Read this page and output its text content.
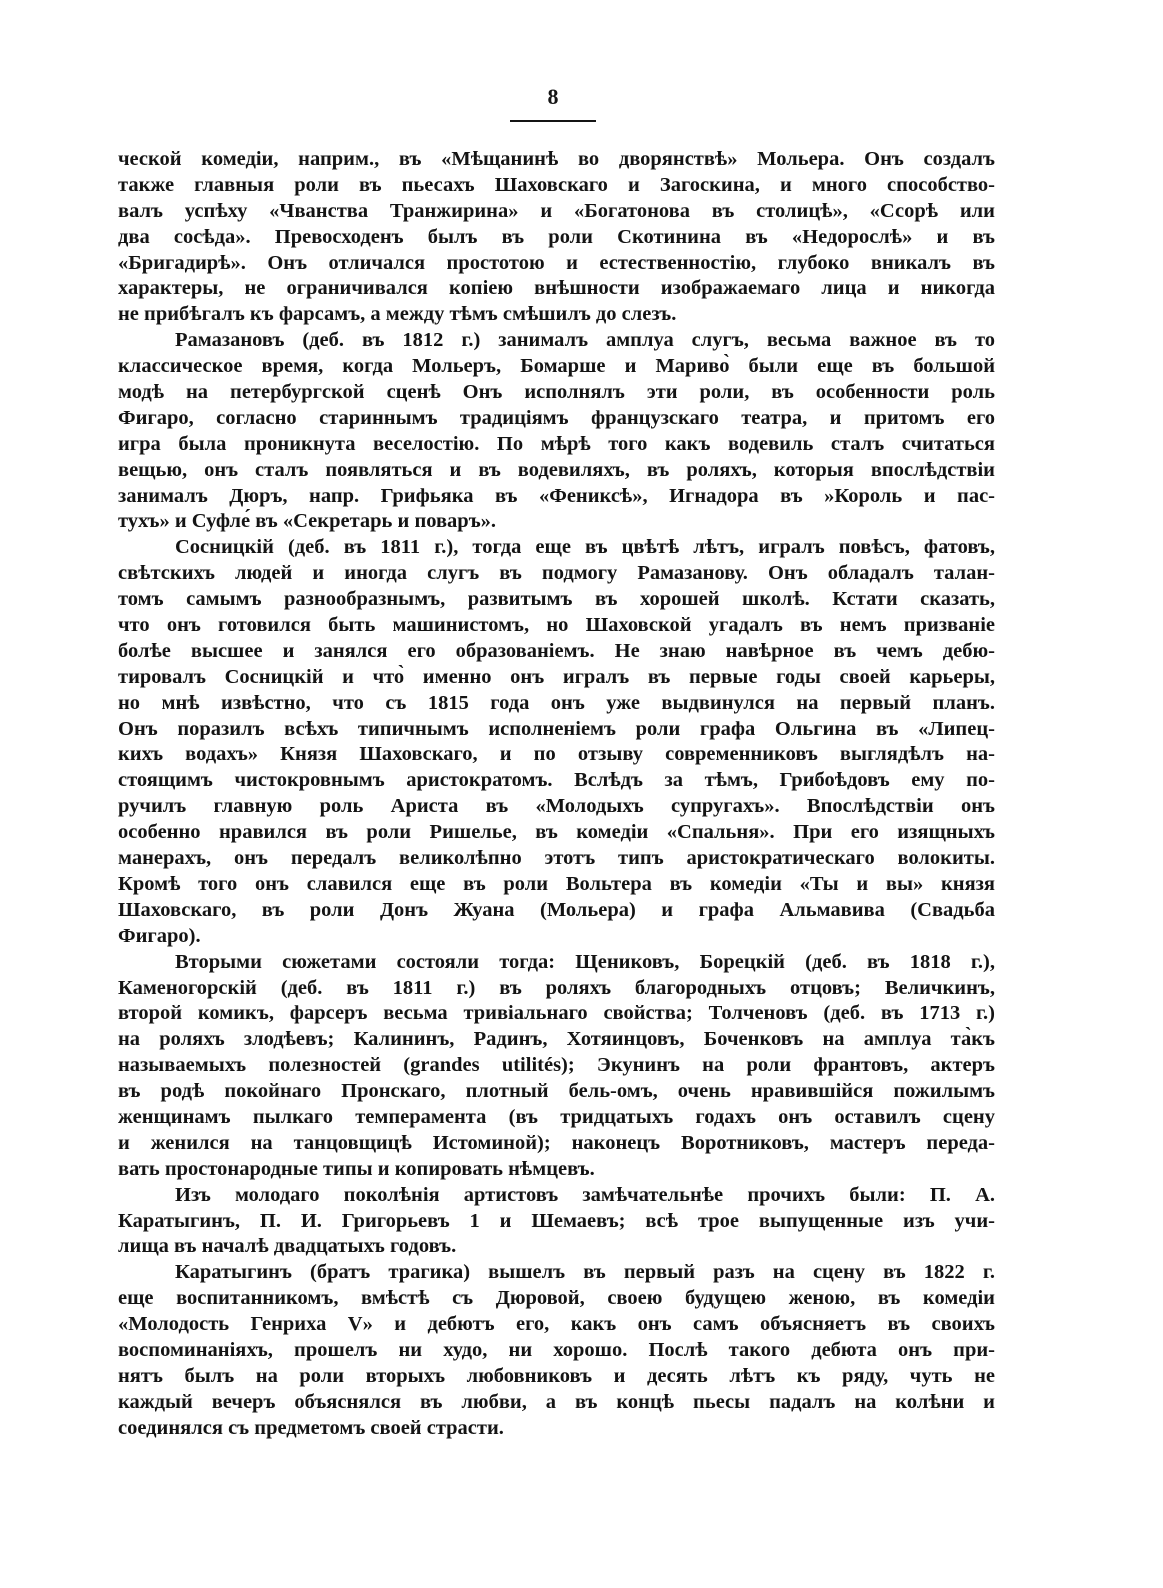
8
ческой комедіи, наприм., въ «Мѣщанинѣ во дворянствѣ» Мольера. Онъ создалъ
также главныя роли въ пьесахъ Шаховскаго и Загоскина, и много способство-
валъ успѣху «Чванства Транжирина» и «Богатонова въ столицѣ», «Ссорѣ или
два сосѣда». Превосходенъ былъ въ роли Скотинина въ «Недорослѣ» и въ
«Бригадирѣ». Онъ отличался простотою и естественностію, глубоко вникалъ въ
характеры, не ограничивался копіею внѣшности изображаемаго лица и никогда
не прибѣгалъ къ фарсамъ, а между тѣмъ смѣшилъ до слезъ.
Рамазановъ (деб. въ 1812 г.) занималъ амплуа слугъ, весьма важное въ то
классическое время, когда Мольеръ, Бомарше и Мариво̀ были еще въ большой
модѣ на петербургской сценѣ Онъ исполнялъ эти роли, въ особенности роль
Фигаро, согласно стариннымъ традиціямъ французскаго театра, и притомъ его
игра была проникнута веселостію. По мѣрѣ того какъ водевиль сталъ считаться
вещью, онъ сталъ появляться и въ водевиляхъ, въ роляхъ, которыя впослѣдствіи
занималъ Дюръ, напр. Грифьяка въ «Фениксѣ», Игнадора въ »Король и пас-
тухъ» и Суфле́ въ «Секретарь и поваръ».
Сосницкій (деб. въ 1811 г.), тогда еще въ цвѣтѣ лѣтъ, игралъ повѣсъ, фатовъ,
свѣтскихъ людей и иногда слугъ въ подмогу Рамазанову. Онъ обладалъ талан-
томъ самымъ разнообразнымъ, развитымъ въ хорошей школѣ. Кстати сказать,
что онъ готовился быть машинистомъ, но Шаховской угадалъ въ немъ призваніе
болѣе высшее и занялся его образованіемъ. Не знаю навѣрное въ чемъ дебю-
тировалъ Сосницкій и что̀ именно онъ игралъ въ первые годы своей карьеры,
но мнѣ извѣстно, что съ 1815 года онъ уже выдвинулся на первый планъ.
Онъ поразилъ всѣхъ типичнымъ исполненіемъ роли графа Ольгина въ «Липец-
кихъ водахъ» Князя Шаховскаго, и по отзыву современниковъ выглядѣлъ на-
стоящимъ чистокровнымъ аристократомъ. Вслѣдъ за тѣмъ, Грибоѣдовъ ему по-
ручилъ главную роль Ариста въ «Молодыхъ супругахъ». Впослѣдствіи онъ
особенно нравился въ роли Ришелье, въ комедіи «Спальня». При его изящныхъ
манерахъ, онъ передалъ великолѣпно этотъ типъ аристократическаго волокиты.
Кромѣ того онъ славился еще въ роли Вольтера въ комедіи «Ты и вы» князя
Шаховскаго, въ роли Донъ Жуана (Мольера) и графа Альмавива (Свадьба
Фигаро).
Вторыми сюжетами состояли тогда: Щениковъ, Борецкій (деб. въ 1818 г.),
Каменогорскій (деб. въ 1811 г.) въ роляхъ благородныхъ отцовъ; Величкинъ,
второй комикъ, фарсеръ весьма тривіальнаго свойства; Толченовъ (деб. въ 1713 г.)
на роляхъ злодѣевъ; Калининъ, Радинъ, Хотяинцовъ, Боченковъ на амплуа та̀къ
называемыхъ полезностей (grandes utilités); Экунинъ на роли франтовъ, актеръ
въ родѣ покойнаго Пронскаго, плотный бель-омъ, очень нравившійся пожилымъ
женщинамъ пылкаго темперамента (въ тридцатыхъ годахъ онъ оставилъ сцену
и женился на танцовщицѣ Истоминой); наконецъ Воротниковъ, мастеръ переда-
вать простонародные типы и копировать нѣмцевъ.
Изъ молодаго поколѣнія артистовъ замѣчательнѣе прочихъ были: П. А.
Каратыгинъ, П. И. Григорьевъ 1 и Шемаевъ; всѣ трое выпущенные изъ учи-
лища въ началѣ двадцатыхъ годовъ.
Каратыгинъ (братъ трагика) вышелъ въ первый разъ на сцену въ 1822 г.
еще воспитанникомъ, вмѣстѣ съ Дюровой, своею будущею женою, въ комедіи
«Молодость Генриха V» и дебютъ его, какъ онъ самъ объясняетъ въ своихъ
воспоминаніяхъ, прошелъ ни худо, ни хорошо. Послѣ такого дебюта онъ при-
нятъ былъ на роли вторыхъ любовниковъ и десять лѣтъ къ ряду, чуть не
каждый вечеръ объяснялся въ любви, а въ концѣ пьесы падалъ на колѣни и
соединялся съ предметомъ своей страсти.
